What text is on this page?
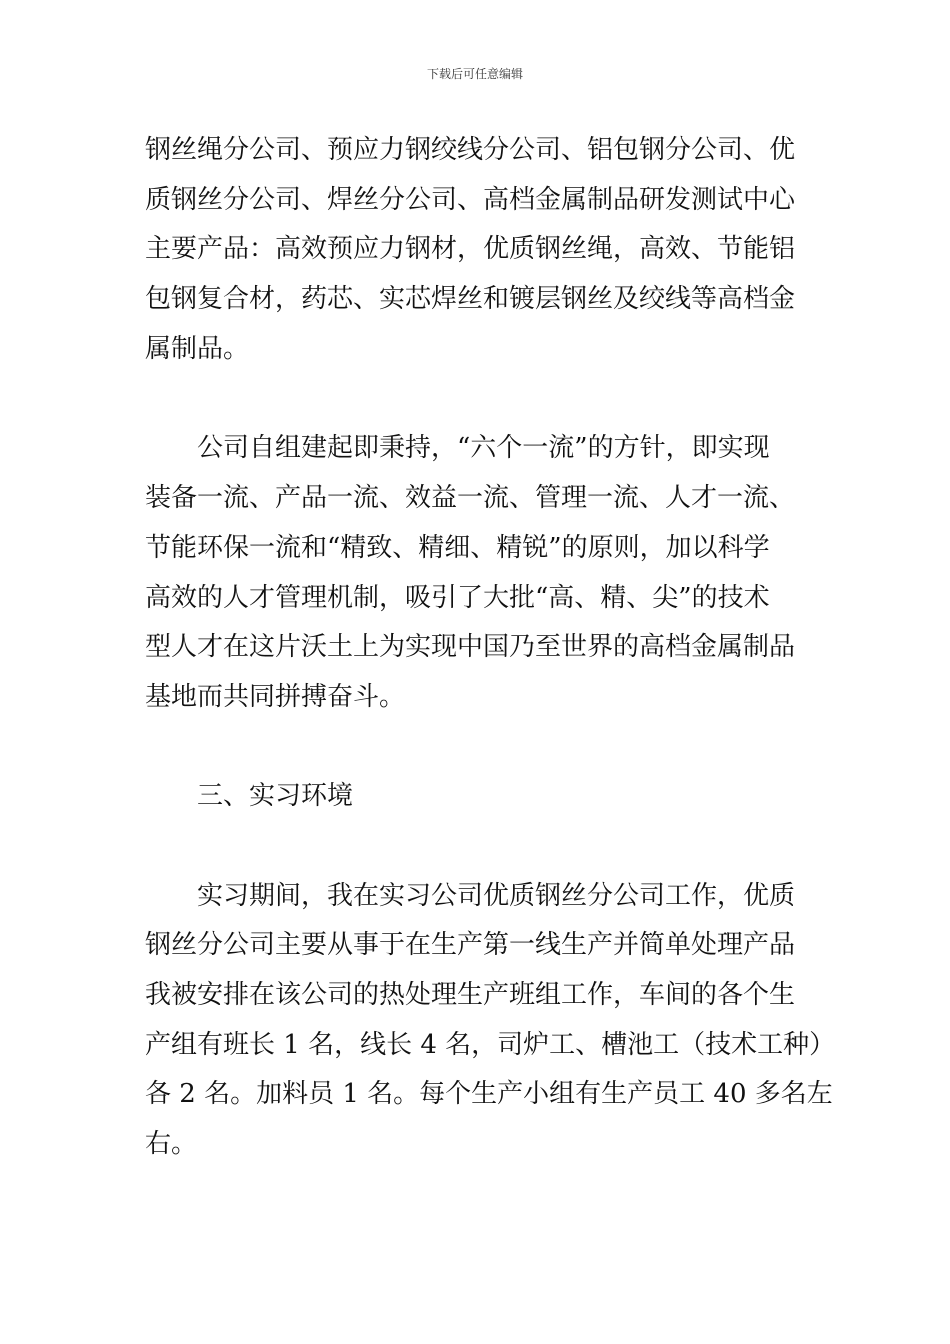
下载后可任意编辑
钢丝绳分公司、预应力钢绞线分公司、铝包钢分公司、优
质钢丝分公司、焊丝分公司、高档金属制品研发测试中心
主要产品：高效预应力钢材，优质钢丝绳，高效、节能铝
包钢复合材，药芯、实芯焊丝和镀层钢丝及绞线等高档金
属制品。
公司自组建起即秉持，“六个一流”的方针，即实现
装备一流、产品一流、效益一流、管理一流、人才一流、
节能环保一流和“精致、精细、精锐”的原则，加以科学
高效的人才管理机制，吸引了大批“高、精、尖”的技术
型人才在这片沃土上为实现中国乃至世界的高档金属制品
基地而共同拼搏奋斗。
三、实习环境
实习期间，我在实习公司优质钢丝分公司工作，优质
钢丝分公司主要从事于在生产第一线生产并简单处理产品
我被安排在该公司的热处理生产班组工作，车间的各个生
产组有班长 1 名，线长 4 名，司炉工、槽池工（技术工种）
各 2 名。加料员 1 名。每个生产小组有生产员工 40 多名左
右。
